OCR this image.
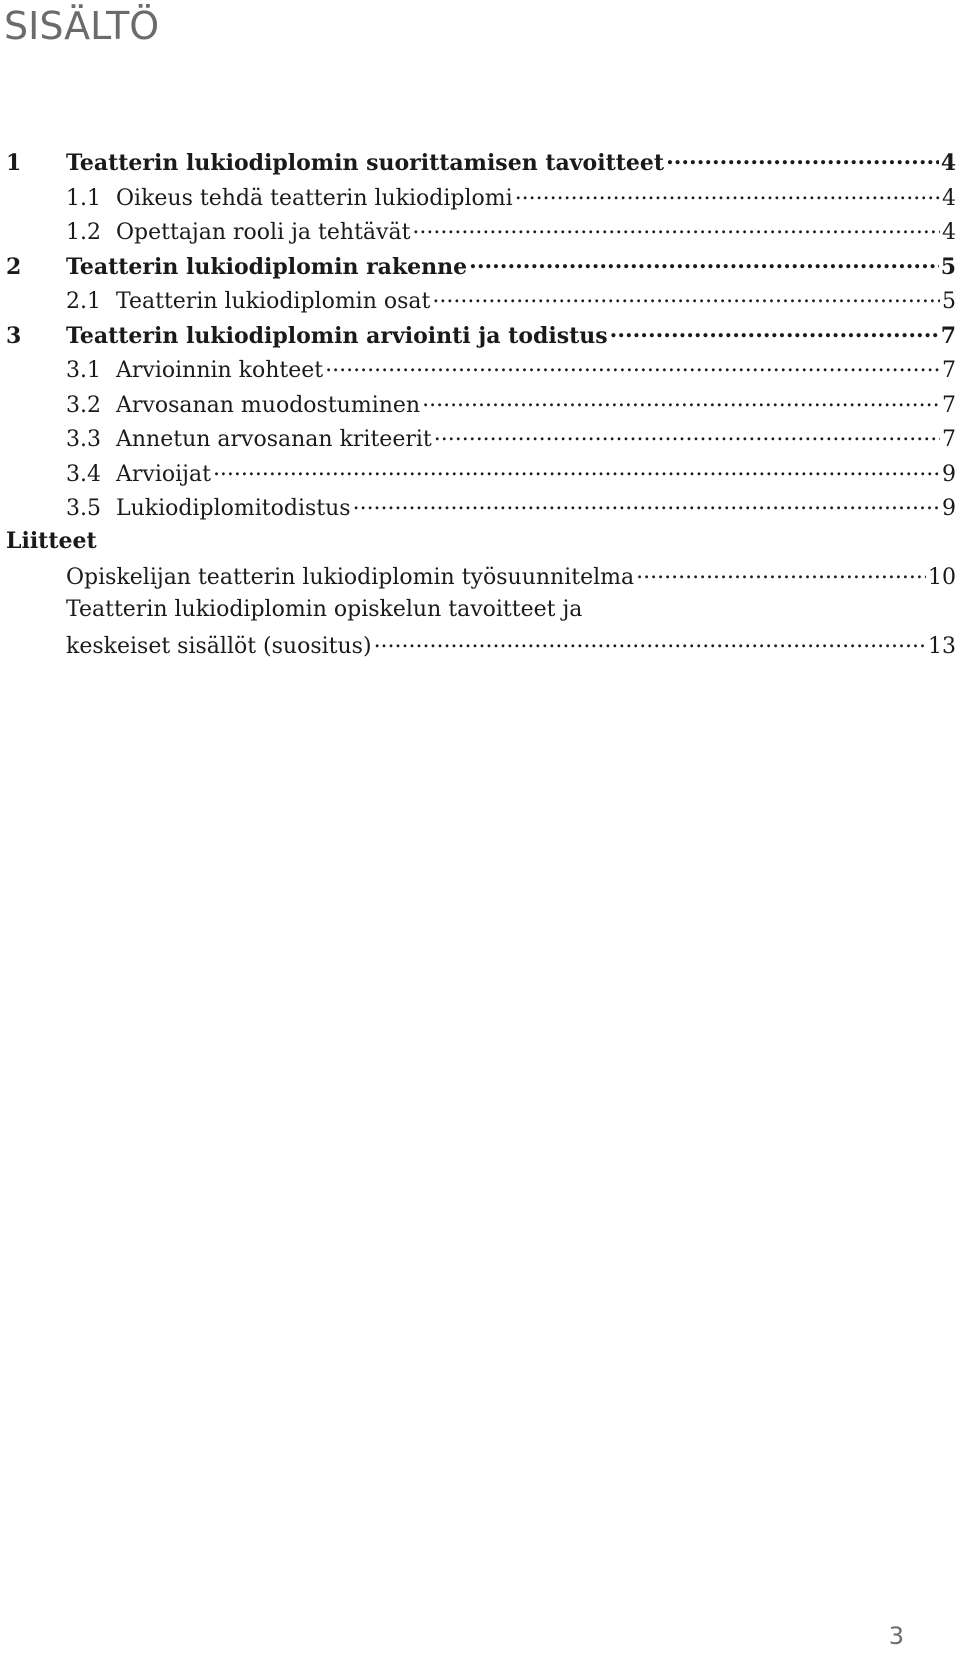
SISÄLTÖ
1	Teatterin lukiodiplomin suorittamisen tavoitteet .....	4
1.1 Oikeus tehdä teatterin lukiodiplomi .....	4
1.2 Opettajan rooli ja tehtävät .....	4
2	Teatterin lukiodiplomin rakenne .....	5
2.1 Teatterin lukiodiplomin osat .....	5
3	Teatterin lukiodiplomin arviointi ja todistus .....	7
3.1 Arvioinnin kohteet .....	7
3.2 Arvosanan muodostuminen .....	7
3.3 Annetun arvosanan kriteerit .....	7
3.4 Arvioijat .....	9
3.5 Lukiodiplomitodistus .....	9
Liitteet
Opiskelijan teatterin lukiodiplomin työsuunnitelma .....	10
Teatterin lukiodiplomin opiskelun tavoitteet ja
keskeiset sisällöt (suositus) .....	13
3
